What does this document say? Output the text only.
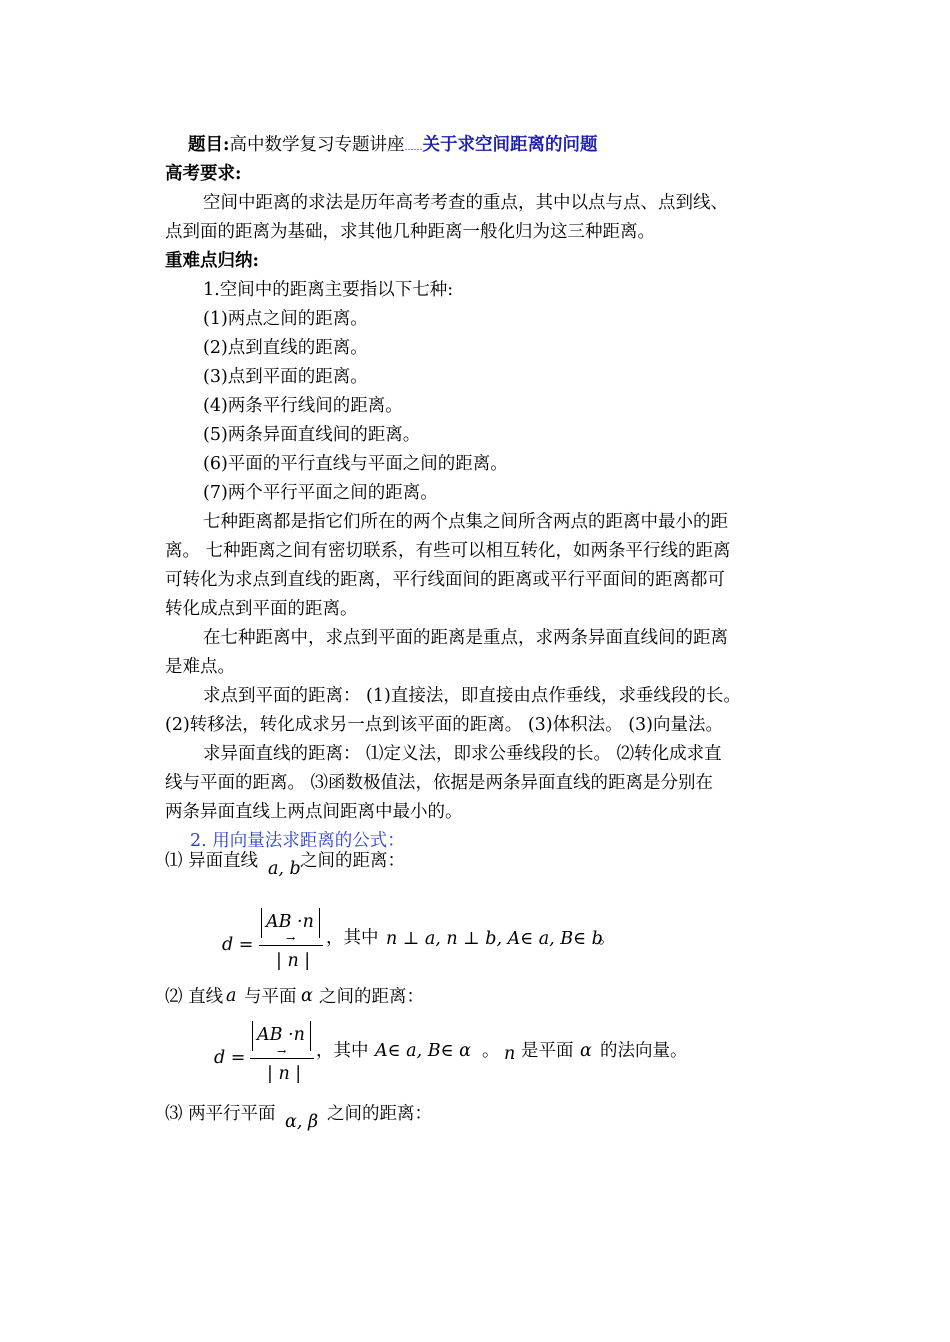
题目:高中数学复习专题讲座……关于求空间距离的问题
高考要求:
空间中距离的求法是历年高考考查的重点，其中以点与点、点到线、
点到面的距离为基础，求其他几种距离一般化归为这三种距离。
重难点归纳:
1.空间中的距离主要指以下七种:
(1)两点之间的距离。
(2)点到直线的距离。
(3)点到平面的距离。
(4)两条平行线间的距离。
(5)两条异面直线间的距离。
(6)平面的平行直线与平面之间的距离。
(7)两个平行平面之间的距离。
七种距离都是指它们所在的两个点集之间所含两点的距离中最小的距
离。 七种距离之间有密切联系，有些可以相互转化，如两条平行线的距离
可转化为求点到直线的距离，平行线面间的距离或平行平面间的距离都可
转化成点到平面的距离。
在七种距离中，求点到平面的距离是重点，求两条异面直线间的距离
是难点。
求点到平面的距离： (1)直接法，即直接由点作垂线，求垂线段的长。
(2)转移法，转化成求另一点到该平面的距离。 (3)体积法。 (3)向量法。
求异面直线的距离： ⑴定义法，即求公垂线段的长。 ⑵转化成求直
线与平面的距离。 ⑶函数极值法，依据是两条异面直线的距离是分别在
两条异面直线上两点间距离中最小的。
2. 用向量法求距离的公式：
⑴ 异面直线 a, b 之间的距离：
d =
AB ·n
→
| n |
，其中 n ⊥ a, n ⊥ b, A∈ a, B∈ b
。
⑵ 直线 a 与平面 α 之间的距离：
d =
AB ·n
→
| n |
，其中 A∈ a, B∈ α 。 n 是平面 α 的法向量。
⑶ 两平行平面 α, β 之间的距离：
